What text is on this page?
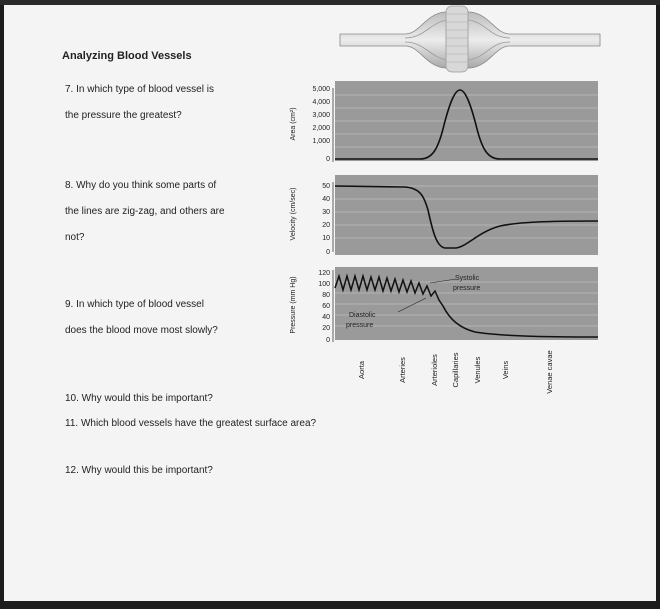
Analyzing Blood Vessels
7. In which type of blood vessel is
the pressure the greatest?
8. Why do you think some parts of
the lines are zig-zag, and others are
not?
9. In which type of blood vessel
does the blood move most slowly?
10. Why would this be important?
11. Which blood vessels have the greatest surface area?
12. Why would this be important?
5,000
4,000
3,000
2,000
1,000
0
Area (cm²)
50
40
30
20
10
0
Velocity (cm/sec)
Systolic
pressure
Diastolic
pressure
120
100
80
60
40
20
0
Pressure (mm Hg)
Aorta	Arteries	Arterioles Capillaries Venules	Veins	Venae cavae
